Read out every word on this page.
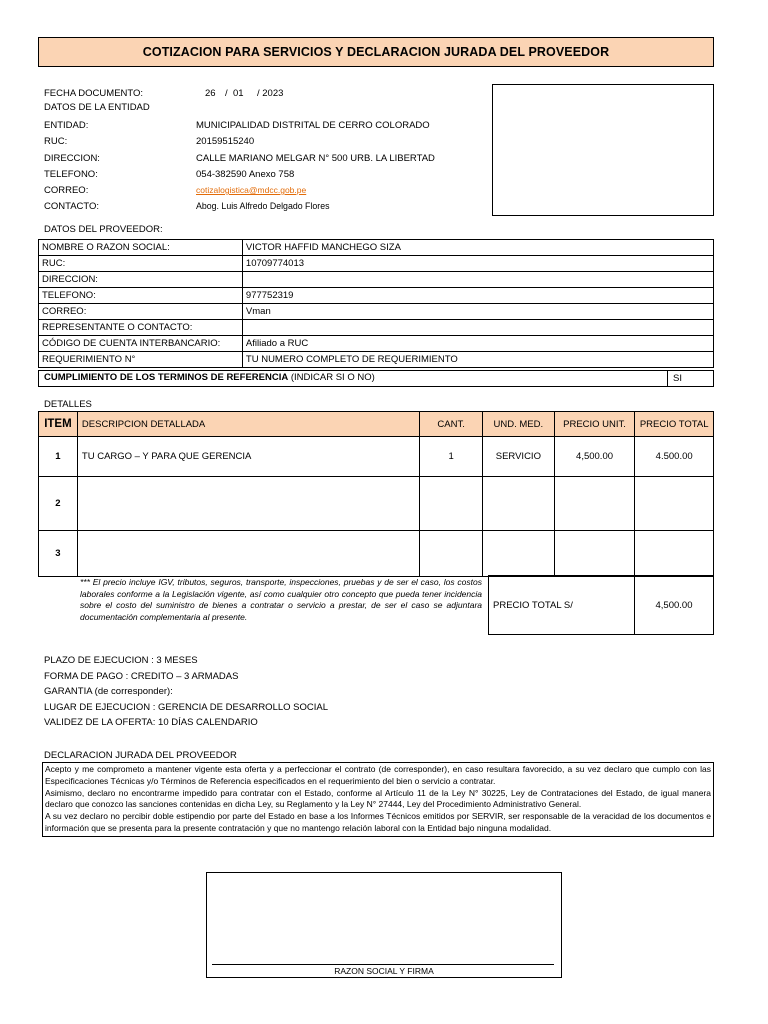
COTIZACION PARA SERVICIOS Y DECLARACION JURADA DEL PROVEEDOR
FECHA DOCUMENTO:	26 / 01 / 2023
DATOS DE LA ENTIDAD
ENTIDAD:	MUNICIPALIDAD DISTRITAL DE CERRO COLORADO
RUC:	20159515240
DIRECCION:	CALLE MARIANO MELGAR N° 500 URB. LA LIBERTAD
TELEFONO:	054-382590 Anexo 758
CORREO:	cotizalogistica@mdcc.gob.pe
CONTACTO:	Abog. Luis Alfredo Delgado Flores
DATOS DEL PROVEEDOR:
NOMBRE O RAZON SOCIAL:	VICTOR HAFFID MANCHEGO SIZA
RUC:	10709774013
DIRECCION:	
TELEFONO:	977752319
CORREO:	Vman
REPRESENTANTE O CONTACTO:	
CÓDIGO DE CUENTA INTERBANCARIO:	Afiliado a RUC
REQUERIMIENTO N°	TU NUMERO COMPLETO DE REQUERIMIENTO
CUMPLIMIENTO DE LOS TERMINOS DE REFERENCIA (INDICAR SI O NO)	SI
DETALLES
ITEM	DESCRIPCION DETALLADA	CANT.	UND. MED.	PRECIO UNIT.	PRECIO TOTAL
1	TU CARGO – Y PARA QUE GERENCIA	1	SERVICIO	4,500.00	4.500.00
2					
3					
*** El precio incluye IGV, tributos, seguros, transporte, inspecciones, pruebas y de ser el caso, los costos laborales conforme a la Legislación vigente, así como cualquier otro concepto que pueda tener incidencia sobre el costo del suministro de bienes a contratar o servicio a prestar, de ser el caso se adjuntara documentación complementaria al presente.
PRECIO TOTAL S/	4,500.00
PLAZO DE EJECUCION : 3 MESES
FORMA DE PAGO : CREDITO – 3 ARMADAS
GARANTIA (de corresponder):
LUGAR DE EJECUCION : GERENCIA DE DESARROLLO SOCIAL
VALIDEZ DE LA OFERTA: 10 DÍAS CALENDARIO
DECLARACION JURADA DEL PROVEEDOR

Acepto y me comprometo a mantener vigente esta oferta y a perfeccionar el contrato (de corresponder), en caso resultara favorecido, a su vez declaro que cumplo con las Especificaciones Técnicas y/o Términos de Referencia especificados en el requerimiento del bien o servicio a contratar.

Asimismo, declaro no encontrarme impedido para contratar con el Estado, conforme al Artículo 11 de la Ley N° 30225, Ley de Contrataciones del Estado, de igual manera declaro que conozco las sanciones contenidas en dicha Ley, su Reglamento y la Ley N° 27444, Ley del Procedimiento Administrativo General.

A su vez declaro no percibir doble estipendio por parte del Estado en base a los Informes Técnicos emitidos por SERVIR, ser responsable de la veracidad de los documentos e información que se presenta para la presente contratación y que no mantengo relación laboral con la Entidad bajo ninguna modalidad.

RAZON SOCIAL Y FIRMA
